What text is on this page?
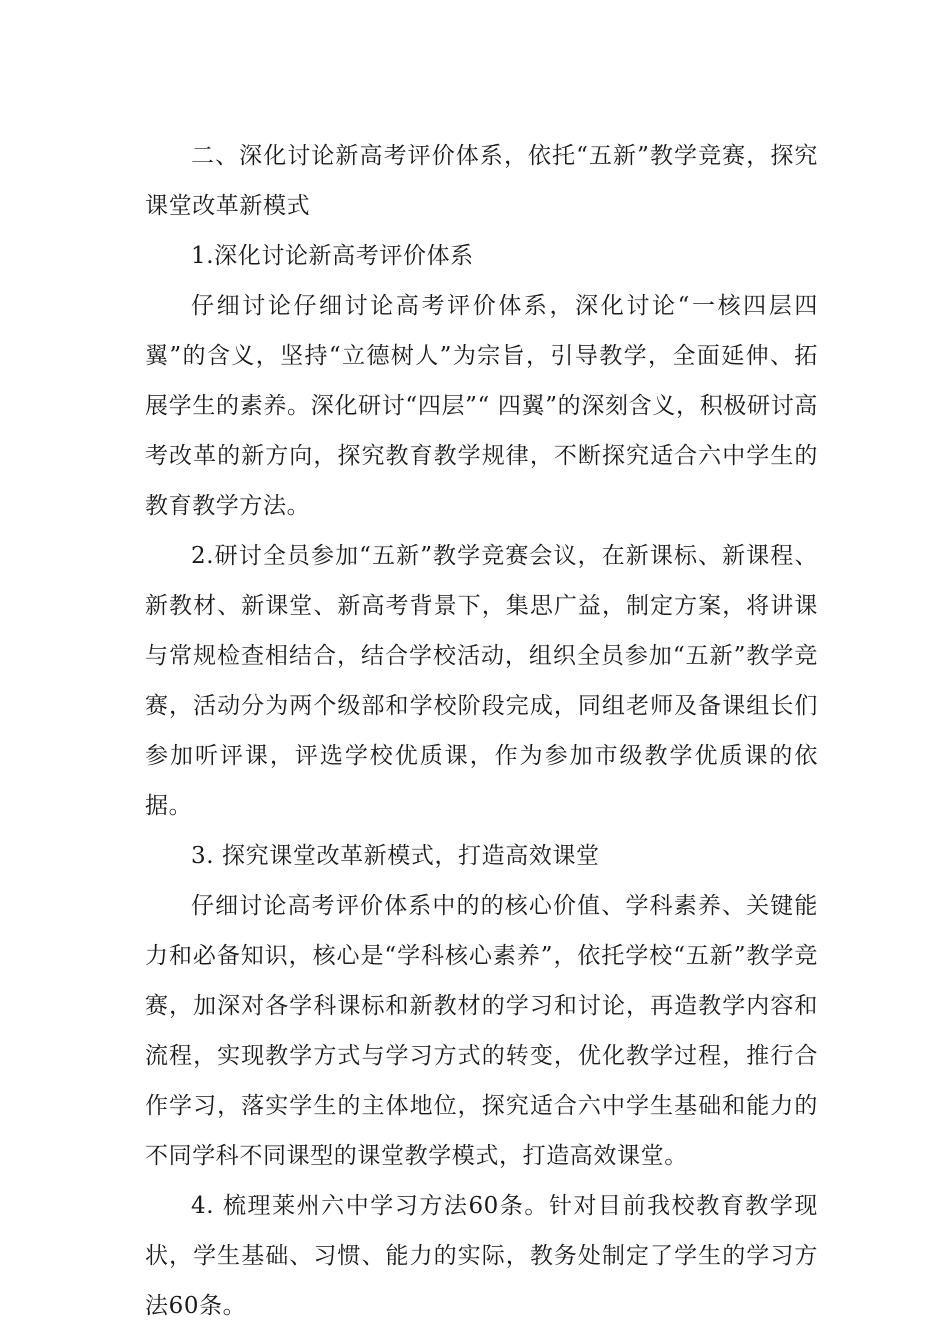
二、深化讨论新高考评价体系，依托“五新”教学竞赛，探究课堂改革新模式

1.深化讨论新高考评价体系

仔细讨论仔细讨论高考评价体系，深化讨论“一核四层四翼”的含义，坚持“立德树人”为宗旨，引导教学，全面延伸、拓展学生的素养。深化研讨“四层”“ 四翼”的深刻含义，积极研讨高考改革的新方向，探究教育教学规律，不断探究适合六中学生的教育教学方法。

2.研讨全员参加“五新”教学竞赛会议，在新课标、新课程、新教材、新课堂、新高考背景下，集思广益，制定方案，将讲课与常规检查相结合，结合学校活动，组织全员参加“五新”教学竞赛，活动分为两个级部和学校阶段完成，同组老师及备课组长们参加听评课，评选学校优质课，作为参加市级教学优质课的依据。

3. 探究课堂改革新模式，打造高效课堂

仔细讨论高考评价体系中的的核心价值、学科素养、关键能力和必备知识，核心是“学科核心素养”，依托学校“五新”教学竞赛，加深对各学科课标和新教材的学习和讨论，再造教学内容和流程，实现教学方式与学习方式的转变，优化教学过程，推行合作学习，落实学生的主体地位，探究适合六中学生基础和能力的不同学科不同课型的课堂教学模式，打造高效课堂。

4. 梳理莱州六中学习方法60条。针对目前我校教育教学现状，学生基础、习惯、能力的实际，教务处制定了学生的学习方法60条。
